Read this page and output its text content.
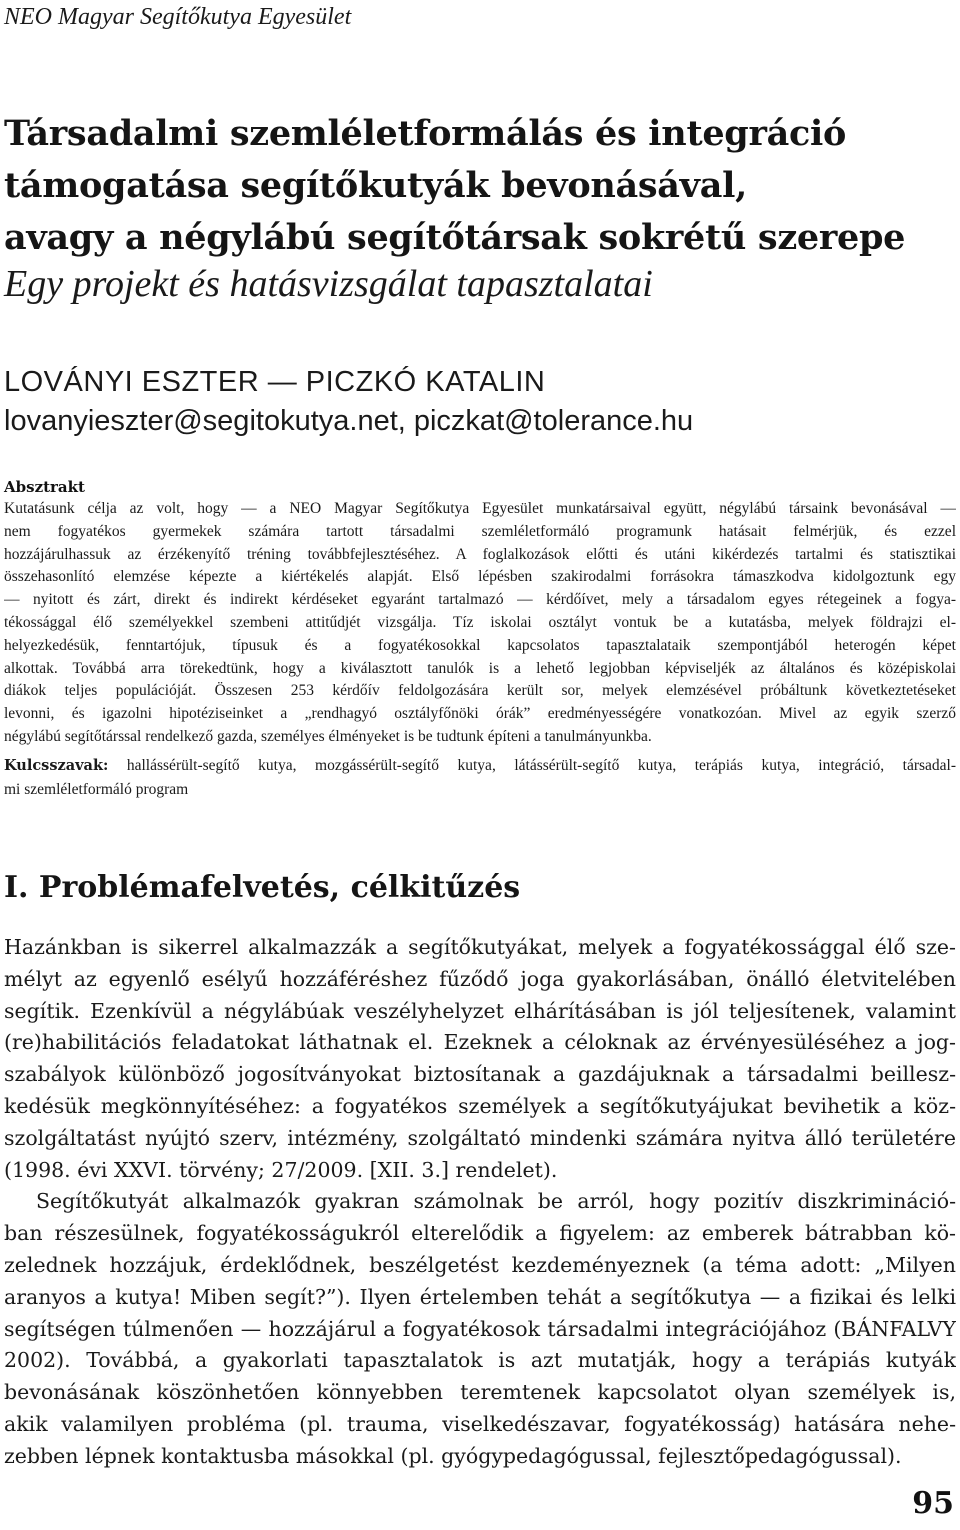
NEO Magyar Segítőkutya Egyesület
Társadalmi szemléletformálás és integráció
támogatása segítőkutyák bevonásával,
avagy a négylábú segítőtársak sokrétű szerepe
Egy projekt és hatásvizsgálat tapasztalatai
LOVÁNYI ESZTER — PICZKÓ KATALIN
lovanyieszter@segitokutya.net, piczkat@tolerance.hu
Absztrakt
Kutatásunk célja az volt, hogy — a NEO Magyar Segítőkutya Egyesület munkatársaival együtt, négylábú társaink bevonásával —
nem fogyatékos gyermekek számára tartott társadalmi szemléletformáló programunk hatásait felmérjük, és ezzel
hozzájárulhassuk az érzékenyítő tréning továbbfejlesztéséhez. A foglalkozások előtti és utáni kikérdezés tartalmi és statisztikai
összehasonlító elemzése képezte a kiértékelés alapját. Első lépésben szakirodalmi forrásokra támaszkodva kidolgoztunk egy
— nyitott és zárt, direkt és indirekt kérdéseket egyaránt tartalmazó — kérdőívet, mely a társadalom egyes rétegeinek a fogya-
tékossággal élő személyekkel szembeni attitűdjét vizsgálja. Tíz iskolai osztályt vontuk be a kutatásba, melyek földrajzi el-
helyezkedésük, fenntartójuk, típusuk és a fogyatékosokkal kapcsolatos tapasztalataik szempontjából heterogén képet
alkottak. Továbbá arra törekedtünk, hogy a kiválasztott tanulók is a lehető legjobban képviseljék az általános és középiskolai
diákok teljes populációját. Összesen 253 kérdőív feldolgozására került sor, melyek elemzésével próbáltunk következtetéseket
levonni, és igazolni hipotéziseinket a „rendhagyó osztályfőnöki órák” eredményességére vonatkozóan. Mivel az egyik szerző
négylábú segítőtárssal rendelkező gazda, személyes élményeket is be tudtunk építeni a tanulmányunkba.
Kulcsszavak: hallássérült-segítő kutya, mozgássérült-segítő kutya, látássérült-segítő kutya, terápiás kutya, integráció, társadal-
mi szemléletformáló program
I. Problémafelvetés, célkitűzés
Hazánkban is sikerrel alkalmazzák a segítőkutyákat, melyek a fogyatékossággal élő sze-
mélyt az egyenlő esélyű hozzáféréshez fűződő joga gyakorlásában, önálló életvitelében
segítik. Ezenkívül a négylábúak veszélyhelyzet elhárításában is jól teljesítenek, valamint
(re)habilitációs feladatokat láthatnak el. Ezeknek a céloknak az érvényesüléséhez a jog-
szabályok különböző jogosítványokat biztosítanak a gazdájuknak a társadalmi beillesz-
kedésük megkönnyítéséhez: a fogyatékos személyek a segítőkutyájukat bevihetik a köz-
szolgáltatást nyújtó szerv, intézmény, szolgáltató mindenki számára nyitva álló területére
(1998. évi XXVI. törvény; 27/2009. [XII. 3.] rendelet).
Segítőkutyát alkalmazók gyakran számolnak be arról, hogy pozitív diszkrimináció-
ban részesülnek, fogyatékosságukról elterelődik a figyelem: az emberek bátrabban kö-
zelednek hozzájuk, érdeklődnek, beszélgetést kezdeményeznek (a téma adott: „Milyen
aranyos a kutya! Miben segít?”). Ilyen értelemben tehát a segítőkutya — a fizikai és lelki
segítségen túlmenően — hozzájárul a fogyatékosok társadalmi integrációjához (BÁNFALVY
2002). Továbbá, a gyakorlati tapasztalatok is azt mutatják, hogy a terápiás kutyák
bevonásának köszönhetően könnyebben teremtenek kapcsolatot olyan személyek is,
akik valamilyen probléma (pl. trauma, viselkedészavar, fogyatékosság) hatására nehe-
zebben lépnek kontaktusba másokkal (pl. gyógypedagógussal, fejlesztőpedagógussal).
95
